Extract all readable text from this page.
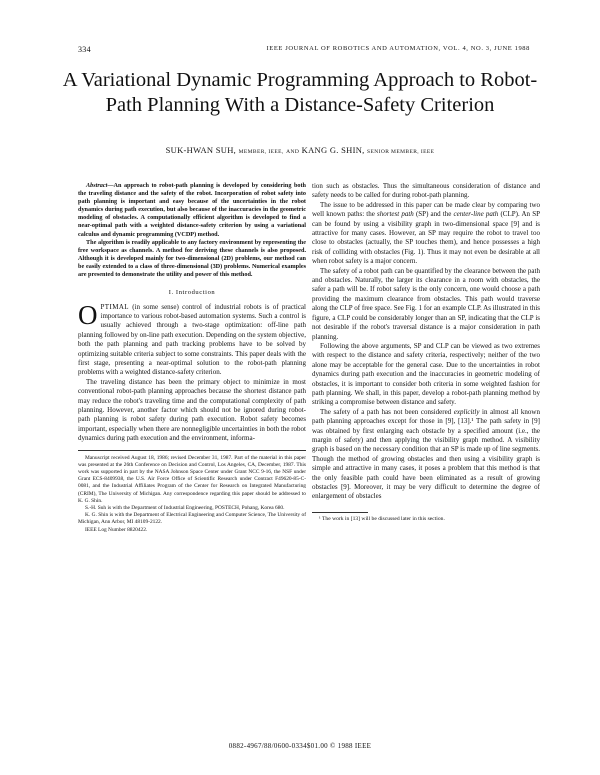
334	IEEE JOURNAL OF ROBOTICS AND AUTOMATION, VOL. 4, NO. 3, JUNE 1988
A Variational Dynamic Programming Approach to Robot-Path Planning With a Distance-Safety Criterion
SUK-HWAN SUH, MEMBER, IEEE, AND KANG G. SHIN, SENIOR MEMBER, IEEE

Abstract—An approach to robot-path planning is developed by considering both the traveling distance and the safety of the robot. Incorporation of robot safety into path planning is important and easy because of the uncertainties in the robot dynamics during path execution, but also because of the inaccuracies in the geometric modeling of obstacles. A computationally efficient algorithm is developed to find a near-optimal path with a weighted distance-safety criterion by using a variational calculus and dynamic programming (VCDP) method.

The algorithm is readily applicable to any factory environment by representing the free workspace as channels. A method for deriving these channels is also proposed. Although it is developed mainly for two-dimensional (2D) problems, our method can be easily extended to a class of three-dimensional (3D) problems. Numerical examples are presented to demonstrate the utility and power of this method.

I. Introduction

OPTIMAL (in some sense) control of industrial robots is of practical importance to various robot-based automation systems. Such a control is usually achieved through a two-stage optimization: off-line path planning followed by on-line path execution. Depending on the system objective, both the path planning and path tracking problems have to be solved by optimizing suitable criteria subject to some constraints. This paper deals with the first stage, presenting a near-optimal solution to the robot-path planning problems with a weighted distance-safety criterion.

The traveling distance has been the primary object to minimize in most conventional robot-path planning approaches because the shortest distance path may reduce the robot's traveling time and the computational complexity of path planning. However, another factor which should not be ignored during robot-path planning is robot safety during path execution. Robot safety becomes important, especially when there are nonnegligible uncertainties in both the robot dynamics during path execution and the environment, informa-

Manuscript received August 18, 1986; revised December 31, 1987. Part of the material in this paper was presented at the 26th Conference on Decision and Control, Los Angeles, CA, December, 1987. This work was supported in part by the NASA Johnson Space Center under Grant NCC 9-16, the NSF under Grant ECS-8409938, the U.S. Air Force Office of Scientific Research under Contract F49620-85-C-0081, and the Industrial Affiliates Program of the Center for Research on Integrated Manufacturing (CRIM), The University of Michigan. Any correspondence regarding this paper should be addressed to K. G. Shin.

S.-H. Suh is with the Department of Industrial Engineering, POSTECH, Pohang, Korea 680.

K. G. Shin is with the Department of Electrical Engineering and Computer Science, The University of Michigan, Ann Arbor, MI 48109-2122.

IEEE Log Number 8820422.

tion such as obstacles. Thus the simultaneous consideration of distance and safety needs to be called for during robot-path planning.

The issue to be addressed in this paper can be made clear by comparing two well known paths: the shortest path (SP) and the center-line path (CLP). An SP can be found by using a visibility graph in two-dimensional space [9] and is attractive for many cases. However, an SP may require the robot to travel too close to obstacles (actually, the SP touches them), and hence possesses a high risk of colliding with obstacles (Fig. 1). Thus it may not even be desirable at all when robot safety is a major concern.

The safety of a robot path can be quantified by the clearance between the path and obstacles. Naturally, the larger its clearance in a room with obstacles, the safer a path will be. If robot safety is the only concern, one would choose a path providing the maximum clearance from obstacles. This path would traverse along the CLP of free space. See Fig. 1 for an example CLP. As illustrated in this figure, a CLP could be considerably longer than an SP, indicating that the CLP is not desirable if the robot's traversal distance is a major consideration in path planning.

Following the above arguments, SP and CLP can be viewed as two extremes with respect to the distance and safety criteria, respectively; neither of the two alone may be acceptable for the general case. Due to the uncertainties in robot dynamics during path execution and the inaccuracies in geometric modeling of obstacles, it is important to consider both criteria in some weighted fashion for path planning. We shall, in this paper, develop a robot-path planning method by striking a compromise between distance and safety.

The safety of a path has not been considered explicitly in almost all known path planning approaches except for those in [9], [13].¹ The path safety in [9] was obtained by first enlarging each obstacle by a specified amount (i.e., the margin of safety) and then applying the visibility graph method. A visibility graph is based on the necessary condition that an SP is made up of line segments. Though the method of growing obstacles and then using a visibility graph is simple and attractive in many cases, it poses a problem that this method is that the only feasible path could have been eliminated as a result of growing obstacles [9]. Moreover, it may be very difficult to determine the degree of enlargement of obstacles

¹ The work in [13] will be discussed later in this section.
0882-4967/88/0600-0334$01.00 © 1988 IEEE
